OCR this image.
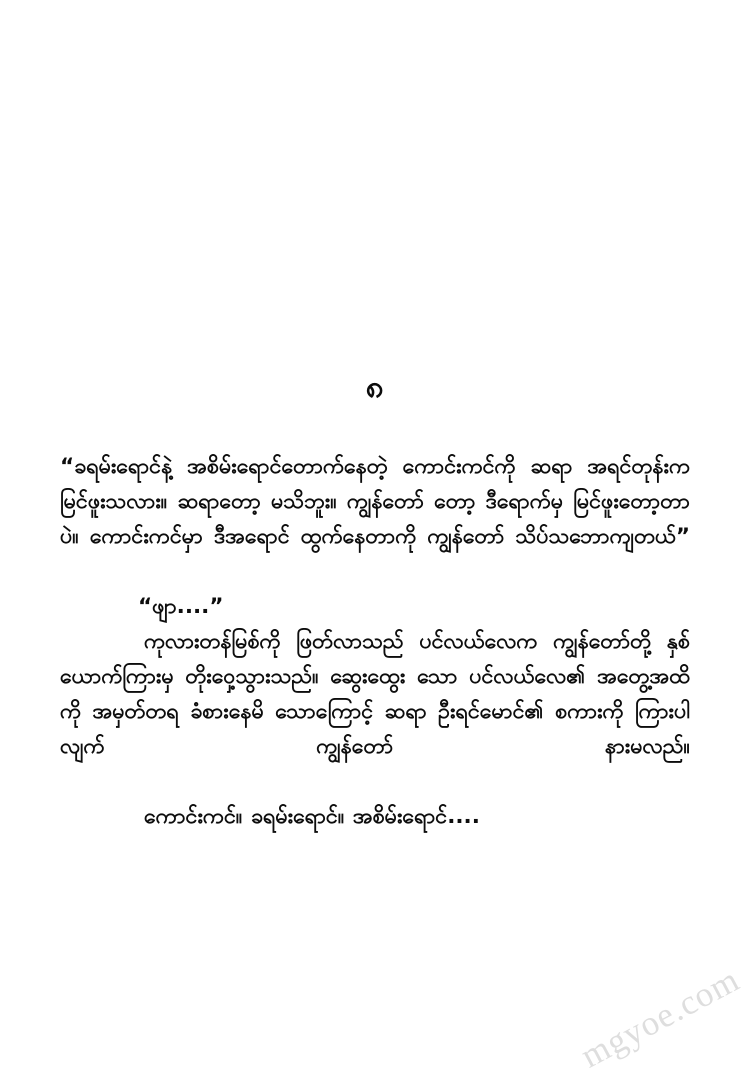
၈

“ခရမ်းရောင်နဲ့ အစိမ်းရောင်တောက်နေတဲ့ ကောင်းကင်ကို ဆရာ အရင်တုန်းက မြင်ဖူးသလား။ ဆရာတော့ မသိဘူး။ ကျွန်တော် တော့ ဒီရောက်မှ မြင်ဖူးတော့တာပဲ။ ကောင်းကင်မှာ ဒီအရောင် ထွက်နေတာကို ကျွန်တော် သိပ်သဘောကျတယ်”

“ဖျာ....”

ကုလားတန်မြစ်ကို ဖြတ်လာသည် ပင်လယ်လေက ကျွန်တော်တို့ နှစ်ယောက်ကြားမှ တိုးဝှေ့သွားသည်။ ဆွေးထွေး သော ပင်လယ်လေ၏ အတွေ့အထိကို အမှတ်တရ ခံစားနေမိ သောကြောင့် ဆရာ ဦးရင်မောင်၏ စကားကို ကြားပါလျက် ကျွန်တော် နားမလည်။

ကောင်းကင်။ ခရမ်းရောင်။ အစိမ်းရောင်....

mgyoe.com
